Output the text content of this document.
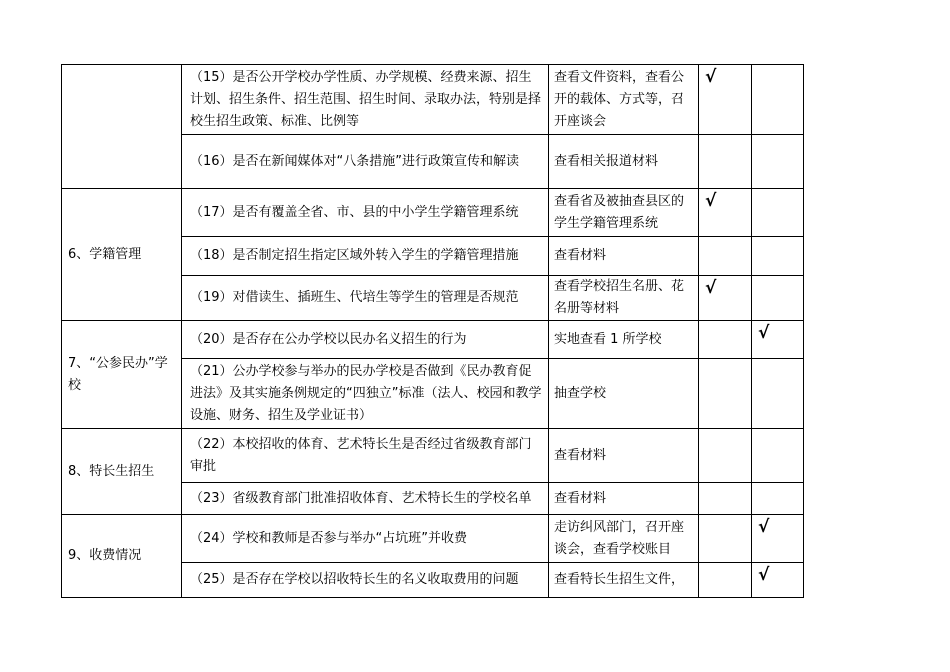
	（15）是否公开学校办学性质、办学规模、经费来源、招生计划、招生条件、招生范围、招生时间、录取办法，特别是择校生招生政策、标准、比例等	查看文件资料，查看公开的载体、方式等，召开座谈会	√	

	（16）是否在新闻媒体对“八条措施”进行政策宣传和解读	查看相关报道材料	

6、学籍管理	（17）是否有覆盖全省、市、县的中小学生学籍管理系统	查看省及被抽查县区的学生学籍管理系统	√	

	（18）是否制定招生指定区域外转入学生的学籍管理措施	查看材料	

	（19）对借读生、插班生、代培生等学生的管理是否规范	查看学校招生名册、花名册等材料	√	

7、“公参民办”学校	（20）是否存在公办学校以民办名义招生的行为	实地查看 1 所学校		√

	（21）公办学校参与举办的民办学校是否做到《民办教育促进法》及其实施条例规定的“四独立”标准（法人、校园和教学设施、财务、招生及学业证书）	抽查学校	

8、特长生招生	（22）本校招收的体育、艺术特长生是否经过省级教育部门审批	查看材料	

	（23）省级教育部门批准招收体育、艺术特长生的学校名单	查看材料	

9、收费情况	（24）学校和教师是否参与举办“占坑班”并收费	走访纠风部门，召开座谈会，查看学校账目		√

	（25）是否存在学校以招收特长生的名义收取费用的问题	查看特长生招生文件，		√
